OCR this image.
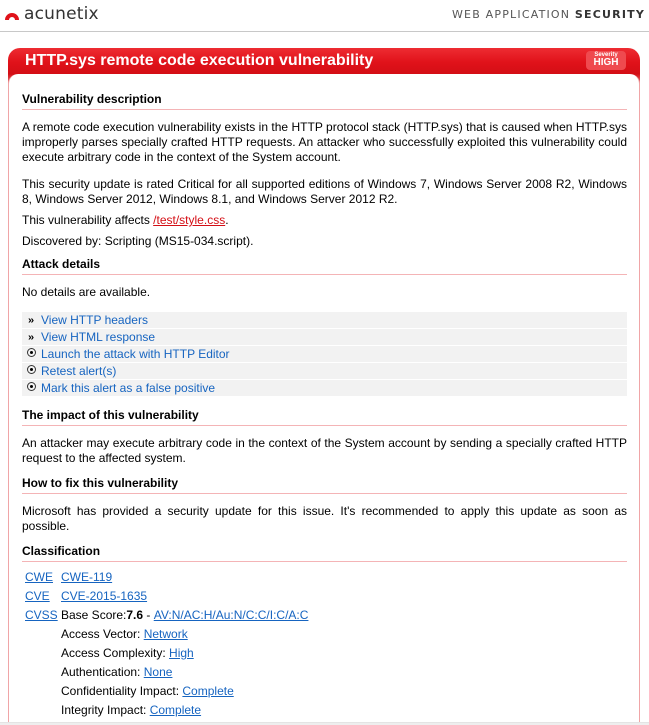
acunetix	WEB APPLICATION SECURITY
HTTP.sys remote code execution vulnerability	Severity
HIGH
Vulnerability description

A remote code execution vulnerability exists in the HTTP protocol stack (HTTP.sys) that is caused when HTTP.sys improperly parses specially crafted HTTP requests. An attacker who successfully exploited this vulnerability could execute arbitrary code in the context of the System account.

This security update is rated Critical for all supported editions of Windows 7, Windows Server 2008 R2, Windows 8, Windows Server 2012, Windows 8.1, and Windows Server 2012 R2.

This vulnerability affects /test/style.css.

Discovered by: Scripting (MS15-034.script).

Attack details

No details are available.

» View HTTP headers
» View HTML response
Launch the attack with HTTP Editor
Retest alert(s)
Mark this alert as a false positive
The impact of this vulnerability

An attacker may execute arbitrary code in the context of the System account by sending a specially crafted HTTP request to the affected system.

How to fix this vulnerability

Microsoft has provided a security update for this issue. It's recommended to apply this update as soon as possible.

Classification
CWE CWE-119
CVE CVE-2015-1635
CVSS Base Score: 7.6 - AV:N/AC:H/Au:N/C:C/I:C/A:C
Access Vector: Network
Access Complexity: High
Authentication: None
Confidentiality Impact: Complete
Integrity Impact: Complete
